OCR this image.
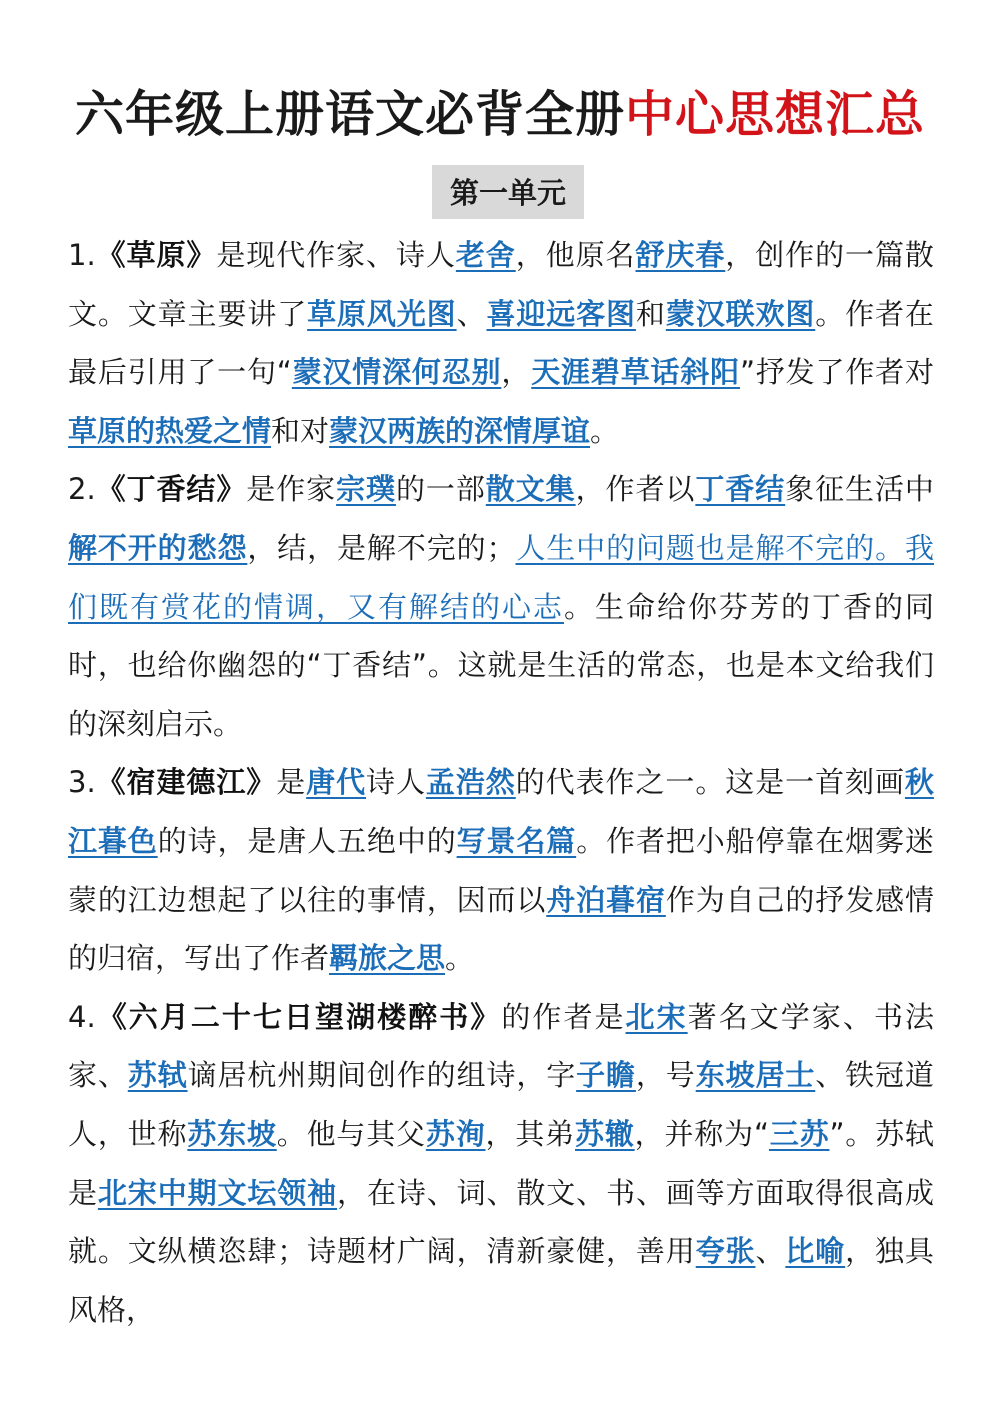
六年级上册语文必背全册中心思想汇总
第一单元

1.《草原》是现代作家、诗人老舍，他原名舒庆春，创作的一篇散文。文章主要讲了草原风光图、喜迎远客图和蒙汉联欢图。作者在最后引用了一句“蒙汉情深何忍别，天涯碧草话斜阳”抒发了作者对草原的热爱之情和对蒙汉两族的深情厚谊。

2.《丁香结》是作家宗璞的一部散文集，作者以丁香结象征生活中解不开的愁怨，结，是解不完的；人生中的问题也是解不完的。我们既有赏花的情调，又有解结的心志。生命给你芬芳的丁香的同时，也给你幽怨的“丁香结”。这就是生活的常态，也是本文给我们的深刻启示。

3.《宿建德江》是唐代诗人孟浩然的代表作之一。这是一首刻画秋江暮色的诗，是唐人五绝中的写景名篇。作者把小船停靠在烟雾迷蒙的江边想起了以往的事情，因而以舟泊暮宿作为自己的抒发感情的归宿，写出了作者羁旅之思。

4.《六月二十七日望湖楼醉书》的作者是北宋著名文学家、书法家、苏轼谪居杭州期间创作的组诗，字子瞻，号东坡居士、铁冠道人，世称苏东坡。他与其父苏洵，其弟苏辙，并称为“三苏”。苏轼是北宋中期文坛领袖，在诗、词、散文、书、画等方面取得很高成就。文纵横恣肆；诗题材广阔，清新豪健，善用夸张、比喻，独具风格，
